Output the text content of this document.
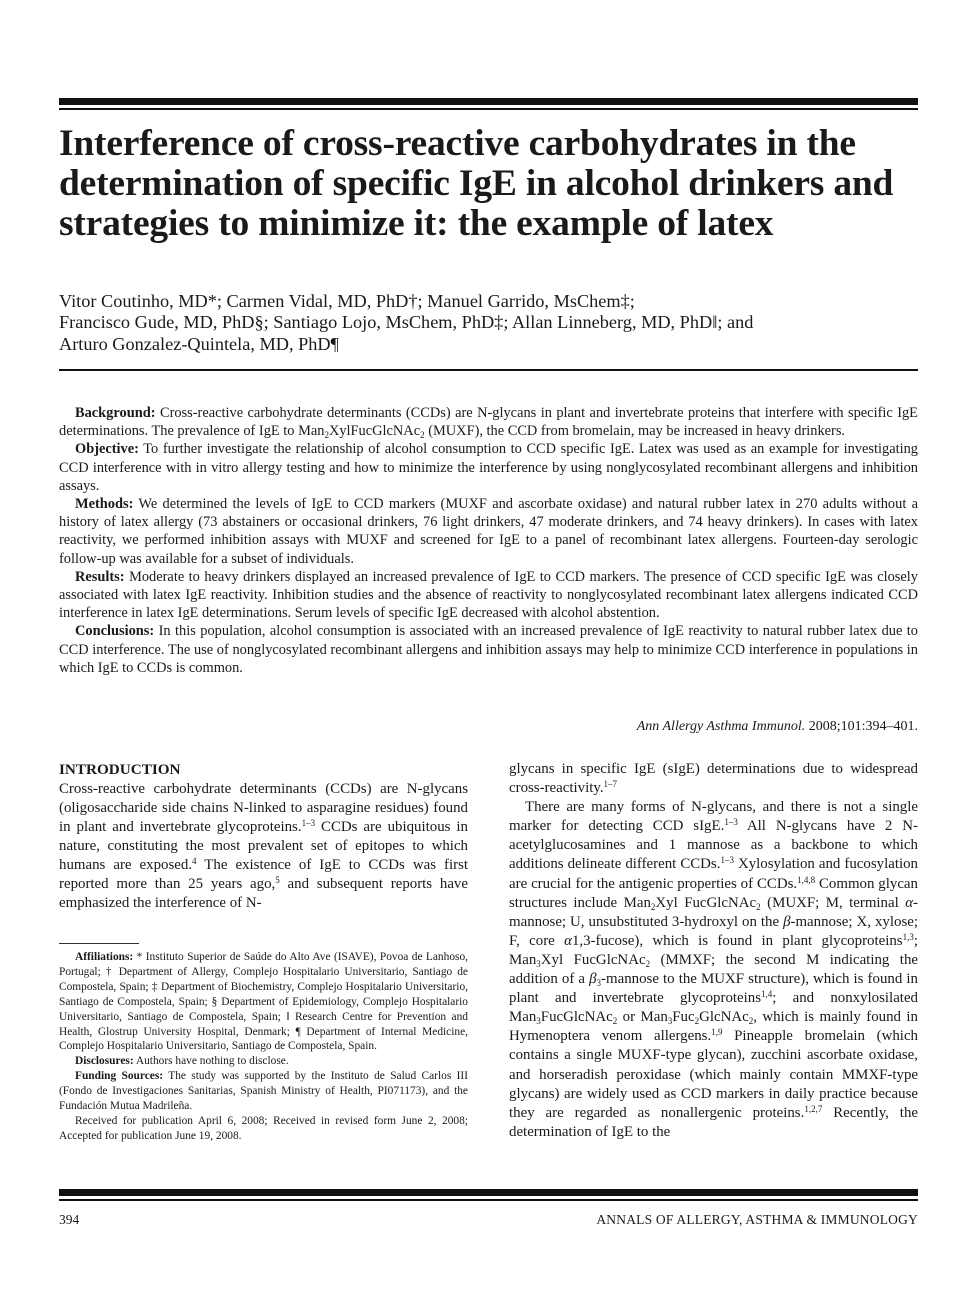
Interference of cross-reactive carbohydrates in the determination of specific IgE in alcohol drinkers and strategies to minimize it: the example of latex
Vitor Coutinho, MD*; Carmen Vidal, MD, PhD†; Manuel Garrido, MsChem‡;
Francisco Gude, MD, PhD§; Santiago Lojo, MsChem, PhD‡; Allan Linneberg, MD, PhD‖; and
Arturo Gonzalez-Quintela, MD, PhD¶

Background: Cross-reactive carbohydrate determinants (CCDs) are N-glycans in plant and invertebrate proteins that interfere with specific IgE determinations. The prevalence of IgE to Man$_2$XylFucGlcNAc$_2$ (MUXF), the CCD from bromelain, may be increased in heavy drinkers.

Objective: To further investigate the relationship of alcohol consumption to CCD specific IgE. Latex was used as an example for investigating CCD interference with in vitro allergy testing and how to minimize the interference by using nonglycosylated recombinant allergens and inhibition assays.

Methods: We determined the levels of IgE to CCD markers (MUXF and ascorbate oxidase) and natural rubber latex in 270 adults without a history of latex allergy (73 abstainers or occasional drinkers, 76 light drinkers, 47 moderate drinkers, and 74 heavy drinkers). In cases with latex reactivity, we performed inhibition assays with MUXF and screened for IgE to a panel of recombinant latex allergens. Fourteen-day serologic follow-up was available for a subset of individuals.

Results: Moderate to heavy drinkers displayed an increased prevalence of IgE to CCD markers. The presence of CCD specific IgE was closely associated with latex IgE reactivity. Inhibition studies and the absence of reactivity to nonglycosylated recombinant latex allergens indicated CCD interference in latex IgE determinations. Serum levels of specific IgE decreased with alcohol abstention.

Conclusions: In this population, alcohol consumption is associated with an increased prevalence of IgE reactivity to natural rubber latex due to CCD interference. The use of nonglycosylated recombinant allergens and inhibition assays may help to minimize CCD interference in populations in which IgE to CCDs is common.

Ann Allergy Asthma Immunol. 2008;101:394–401.
INTRODUCTION

Cross-reactive carbohydrate determinants (CCDs) are N-glycans (oligosaccharide side chains N-linked to asparagine residues) found in plant and invertebrate glycoproteins.$^{1-3}$ CCDs are ubiquitous in nature, constituting the most prevalent set of epitopes to which humans are exposed.$^4$ The existence of IgE to CCDs was first reported more than 25 years ago,$^5$ and subsequent reports have emphasized the interference of N-

Affiliations: * Instituto Superior de Saúde do Alto Ave (ISAVE), Povoa de Lanhoso, Portugal; † Department of Allergy, Complejo Hospitalario Universitario, Santiago de Compostela, Spain; ‡ Department of Biochemistry, Complejo Hospitalario Universitario, Santiago de Compostela, Spain; § Department of Epidemiology, Complejo Hospitalario Universitario, Santiago de Compostela, Spain; ‖ Research Centre for Prevention and Health, Glostrup University Hospital, Denmark; ¶ Department of Internal Medicine, Complejo Hospitalario Universitario, Santiago de Compostela, Spain.

Disclosures: Authors have nothing to disclose.

Funding Sources: The study was supported by the Instituto de Salud Carlos III (Fondo de Investigaciones Sanitarias, Spanish Ministry of Health, PI071173), and the Fundación Mutua Madrileña.

Received for publication April 6, 2008; Received in revised form June 2, 2008; Accepted for publication June 19, 2008.

glycans in specific IgE (sIgE) determinations due to widespread cross-reactivity.$^{1-7}$

There are many forms of N-glycans, and there is not a single marker for detecting CCD sIgE.$^{1-3}$ All N-glycans have 2 N-acetylglucosamines and 1 mannose as a backbone to which additions delineate different CCDs.$^{1-3}$ Xylosylation and fucosylation are crucial for the antigenic properties of CCDs.$^{1,4,8}$ Common glycan structures include Man$_2$Xyl FucGlcNAc$_2$ (MUXF; M, terminal α-mannose; U, unsubstituted 3-hydroxyl on the β-mannose; X, xylose; F, core α1,3-fucose), which is found in plant glycoproteins$^{1,3}$; Man$_3$Xyl FucGlcNAc$_2$ (MMXF; the second M indicating the addition of a $\beta_3$-mannose to the MUXF structure), which is found in plant and invertebrate glycoproteins$^{1,4}$; and nonxylosilated Man$_3$FucGlcNAc$_2$ or Man$_3$Fuc$_2$GlcNAc$_2$, which is mainly found in Hymenoptera venom allergens.$^{1,9}$ Pineapple bromelain (which contains a single MUXF-type glycan), zucchini ascorbate oxidase, and horseradish peroxidase (which mainly contain MMXF-type glycans) are widely used as CCD markers in daily practice because they are regarded as nonallergenic proteins.$^{1,2,7}$ Recently, the determination of IgE to the

394	ANNALS OF ALLERGY, ASTHMA & IMMUNOLOGY
